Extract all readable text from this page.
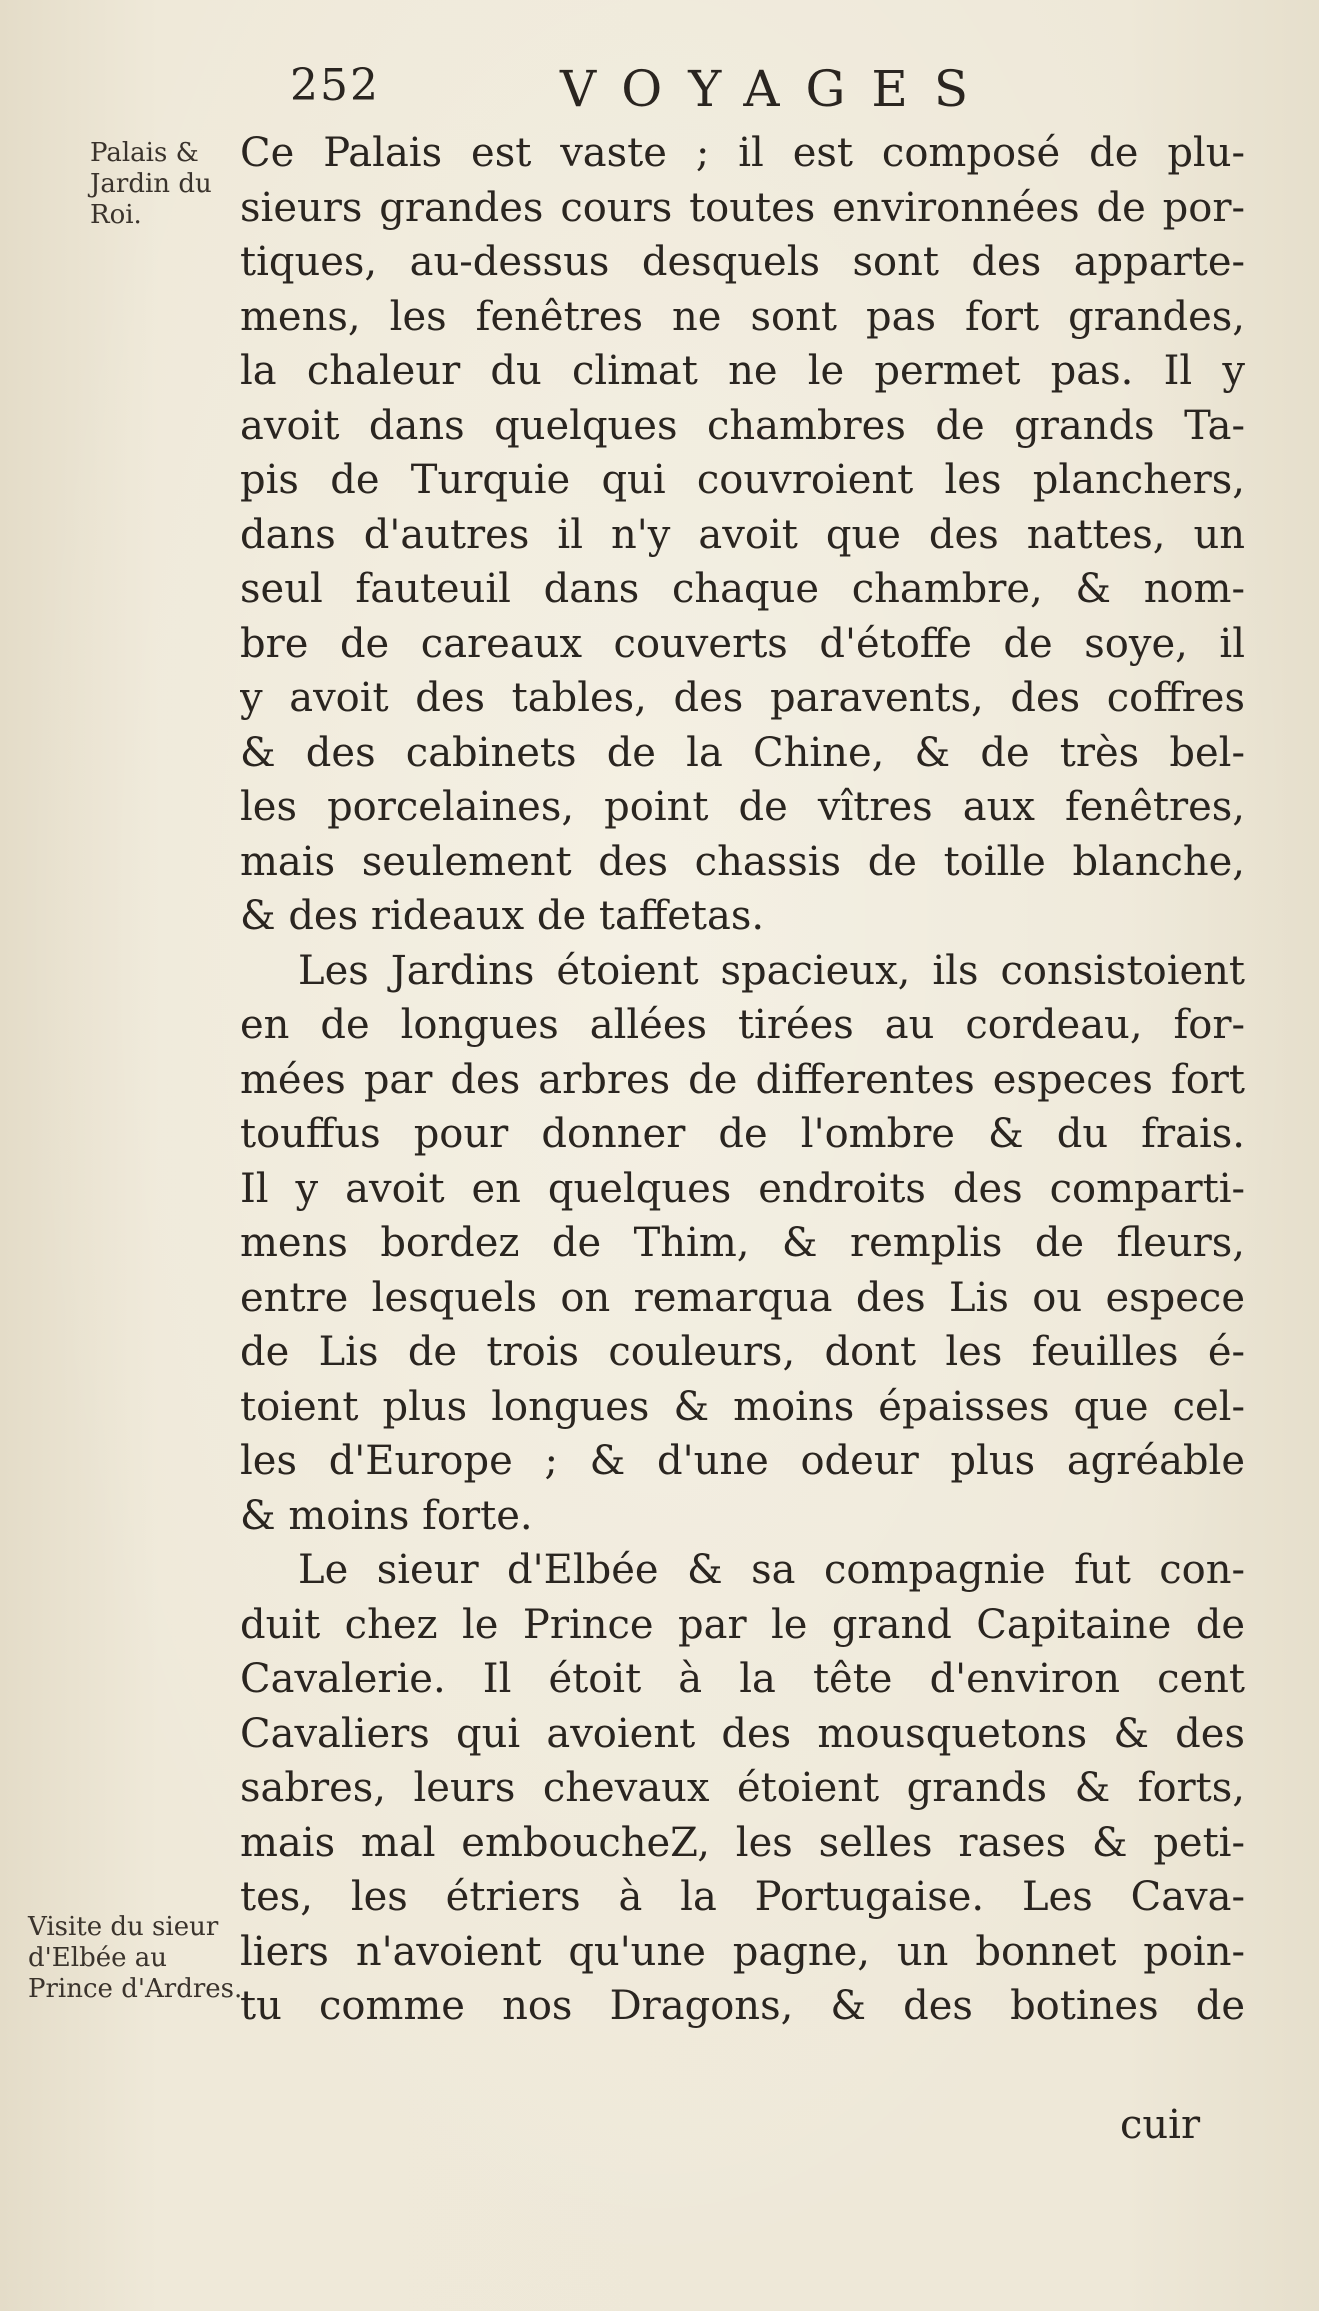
252	VOYAGES
Palais & Jardin du Roi.
Visite du sieur d'Elbée au Prince d'Ardres.
Ce Palais est vaste ; il est composé de plu-
sieurs grandes cours toutes environnées de por-
tiques, au-dessus desquels sont des apparte-
mens, les fenêtres ne sont pas fort grandes,
la chaleur du climat ne le permet pas. Il y
avoit dans quelques chambres de grands Ta-
pis de Turquie qui couvroient les planchers,
dans d'autres il n'y avoit que des nattes, un
seul fauteuil dans chaque chambre, & nom-
bre de careaux couverts d'étoffe de soye, il
y avoit des tables, des paravents, des coffres
& des cabinets de la Chine, & de très bel-
les porcelaines, point de vîtres aux fenêtres,
mais seulement des chassis de toille blanche,
& des rideaux de taffetas.
Les Jardins étoient spacieux, ils consistoient
en de longues allées tirées au cordeau, for-
mées par des arbres de differentes especes fort
touffus pour donner de l'ombre & du frais.
Il y avoit en quelques endroits des comparti-
mens bordez de Thim, & remplis de fleurs,
entre lesquels on remarqua des Lis ou espece
de Lis de trois couleurs, dont les feuilles é-
toient plus longues & moins épaisses que cel-
les d'Europe ; & d'une odeur plus agréable
& moins forte.
Le sieur d'Elbée & sa compagnie fut con-
duit chez le Prince par le grand Capitaine de
Cavalerie. Il étoit à la tête d'environ cent
Cavaliers qui avoient des mousquetons & des
sabres, leurs chevaux étoient grands & forts,
mais mal emboucheZ, les selles rases & peti-
tes, les étriers à la Portugaise. Les Cava-
liers n'avoient qu'une pagne, un bonnet poin-
tu comme nos Dragons, & des botines de
cuir
